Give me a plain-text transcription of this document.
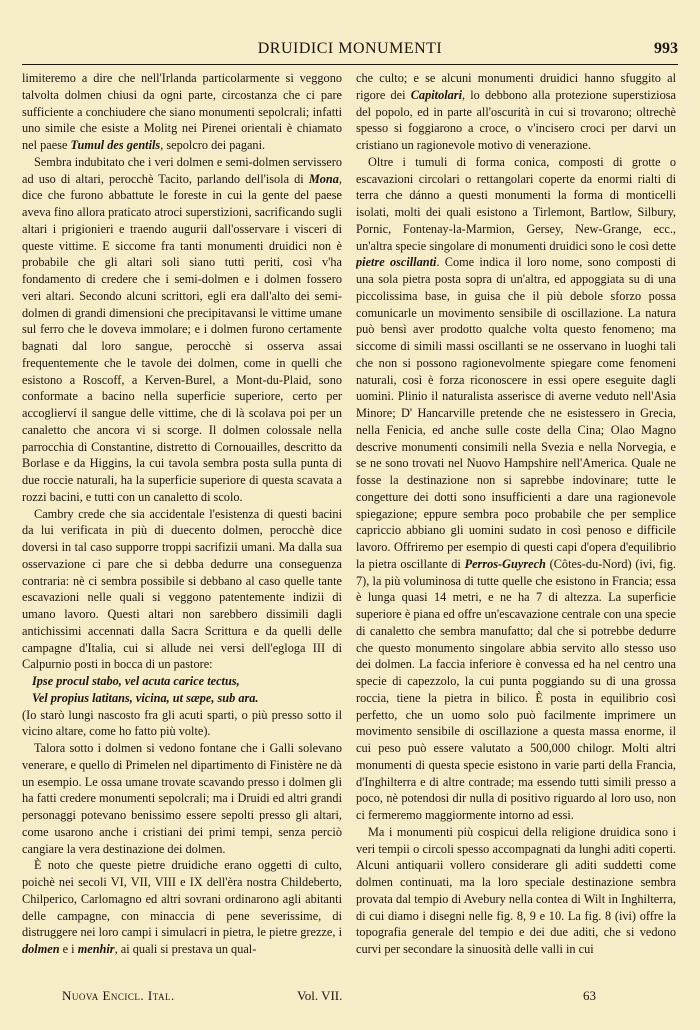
DRUIDICI MONUMENTI	993

limiteremo a dire che nell'Irlanda particolarmente si veggono talvolta dolmen chiusi da ogni parte, circostanza che ci pare sufficiente a conchiudere che siano monumenti sepolcrali; infatti uno simile che esiste a Molitg nei Pirenei orientali è chiamato nel paese Tumul des gentils, sepolcro dei pagani.

Sembra indubitato che i veri dolmen e semi-dolmen servissero ad uso di altari, perocchè Tacito, parlando dell'isola di Mona, dice che furono abbattute le foreste in cui la gente del paese aveva fino allora praticato atroci superstizioni, sacrificando sugli altari i prigionieri e traendo augurii dall'osservare i visceri di queste vittime. E siccome fra tanti monumenti druidici non è probabile che gli altari soli siano tutti periti, così v'ha fondamento di credere che i semi-dolmen e i dolmen fossero veri altari. Secondo alcuni scrittori, egli era dall'alto dei semi-dolmen di grandi dimensioni che precipitavansi le vittime umane sul ferro che le doveva immolare; e i dolmen furono certamente bagnati dal loro sangue, perocchè si osserva assai frequentemente che le tavole dei dolmen, come in quelli che esistono a Roscoff, a Kerven-Burel, a Mont-du-Plaid, sono conformate a bacino nella superficie superiore, certo per accoglierví il sangue delle vittime, che di là scolava poi per un canaletto che ancora vi si scorge. Il dolmen colossale nella parrocchia di Constantine, distretto di Cornouailles, descritto da Borlase e da Higgins, la cui tavola sembra posta sulla punta di due roccie naturali, ha la superficie superiore di questa scavata a rozzi bacini, e tutti con un canaletto di scolo.

Cambry crede che sia accidentale l'esistenza di questi bacini da lui verificata in più di duecento dolmen, perocchè dice doversi in tal caso supporre troppi sacrifizii umani. Ma dalla sua osservazione ci pare che si debba dedurre una conseguenza contraria: nè ci sembra possibile si debbano al caso quelle tante escavazioni nelle quali si veggono patentemente indizii di umano lavoro. Questi altari non sarebbero dissimili dagli antichissimi accennati dalla Sacra Scrittura e da quelli delle campagne d'Italia, cui si allude nei versi dell'egloga III di Calpurnio posti in bocca di un pastore:

Ipse procul stabo, vel acuta carice tectus,

Vel propius latitans, vicina, ut sæpe, sub ara.

(Io starò lungi nascosto fra gli acuti sparti, o più presso sotto il vicino altare, come ho fatto più volte).

Talora sotto i dolmen si vedono fontane che i Galli solevano venerare, e quello di Primelen nel dipartimento di Finistère ne dà un esempio. Le ossa umane trovate scavando presso i dolmen gli ha fatti credere monumenti sepolcrali; ma i Druidi ed altri grandi personaggi potevano benissimo essere sepolti presso gli altari, come usarono anche i cristiani dei primi tempi, senza perciò cangiare la vera destinazione dei dolmen.

È noto che queste pietre druidiche erano oggetti di culto, poichè nei secoli VI, VII, VIII e IX dell'èra nostra Childeberto, Chilperico, Carlomagno ed altri sovrani ordinarono agli abitanti delle campagne, con minaccia di pene severissime, di distruggere nei loro campi i simulacri in pietra, le pietre grezze, i dolmen e i menhir, ai quali si prestava un qual-

che culto; e se alcuni monumenti druidici hanno sfuggito al rigore dei Capitolari, lo debbono alla protezione superstiziosa del popolo, ed in parte all'oscurità in cui si trovarono; oltrechè spesso si foggiarono a croce, o v'incisero croci per darvi un cristiano un ragionevole motivo di venerazione.

Oltre i tumuli di forma conica, composti di grotte o escavazioni circolari o rettangolari coperte da enormi rialti di terra che dánno a questi monumenti la forma di monticelli isolati, molti dei quali esistono a Tirlemont, Bartlow, Silbury, Pornic, Fontenay-la-Marmion, Gersey, New-Grange, ecc., un'altra specie singolare di monumenti druidici sono le così dette pietre oscillanti. Come indica il loro nome, sono composti di una sola pietra posta sopra di un'altra, ed appoggiata su di una piccolissima base, in guisa che il più debole sforzo possa comunicarle un movimento sensibile di oscillazione. La natura può bensì aver prodotto qualche volta questo fenomeno; ma siccome di simili massi oscillanti se ne osservano in luoghi tali che non si possono ragionevolmente spiegare come fenomeni naturali, così è forza riconoscere in essi opere eseguite dagli uomini. Plinio il naturalista asserisce di averne veduto nell'Asia Minore; D' Hancarville pretende che ne esistessero in Grecia, nella Fenicia, ed anche sulle coste della Cina; Olao Magno descrive monumenti consimili nella Svezia e nella Norvegia, e se ne sono trovati nel Nuovo Hampshire nell'America. Quale ne fosse la destinazione non si saprebbe indovinare; tutte le congetture dei dotti sono insufficienti a dare una ragionevole spiegazione; eppure sembra poco probabile che per semplice capriccio abbiano gli uomini sudato in così penoso e difficile lavoro. Offriremo per esempio di questi capi d'opera d'equilibrio la pietra oscillante di Perros-Guyrech (Côtes-du-Nord) (ivi, fig. 7), la più voluminosa di tutte quelle che esistono in Francia; essa è lunga quasi 14 metri, e ne ha 7 di altezza. La superficie superiore è piana ed offre un'escavazione centrale con una specie di canaletto che sembra manufatto; dal che si potrebbe dedurre che questo monumento singolare abbia servito allo stesso uso dei dolmen. La faccia inferiore è convessa ed ha nel centro una specie di capezzolo, la cui punta poggiando su di una grossa roccia, tiene la pietra in bilico. È posta in equilibrio così perfetto, che un uomo solo può facilmente imprimere un movimento sensibile di oscillazione a questa massa enorme, il cui peso può essere valutato a 500,000 chilogr. Molti altri monumenti di questa specie esistono in varie parti della Francia, d'Inghilterra e di altre contrade; ma essendo tutti simili presso a poco, nè potendosi dir nulla di positivo riguardo al loro uso, non ci fermeremo maggiormente intorno ad essi.

Ma i monumenti più cospicui della religione druidica sono i veri tempii o circoli spesso accompagnati da lunghi aditi coperti. Alcuni antiquarii vollero considerare gli aditi suddetti come dolmen continuati, ma la loro speciale destinazione sembra provata dal tempio di Avebury nella contea di Wilt in Inghilterra, di cui diamo i disegni nelle fig. 8, 9 e 10. La fig. 8 (ivi) offre la topografia generale del tempio e dei due aditi, che si vedono curvi per secondare la sinuosità delle valli in cui

Nuova Encicl. Ital.	Vol. VII.	63
